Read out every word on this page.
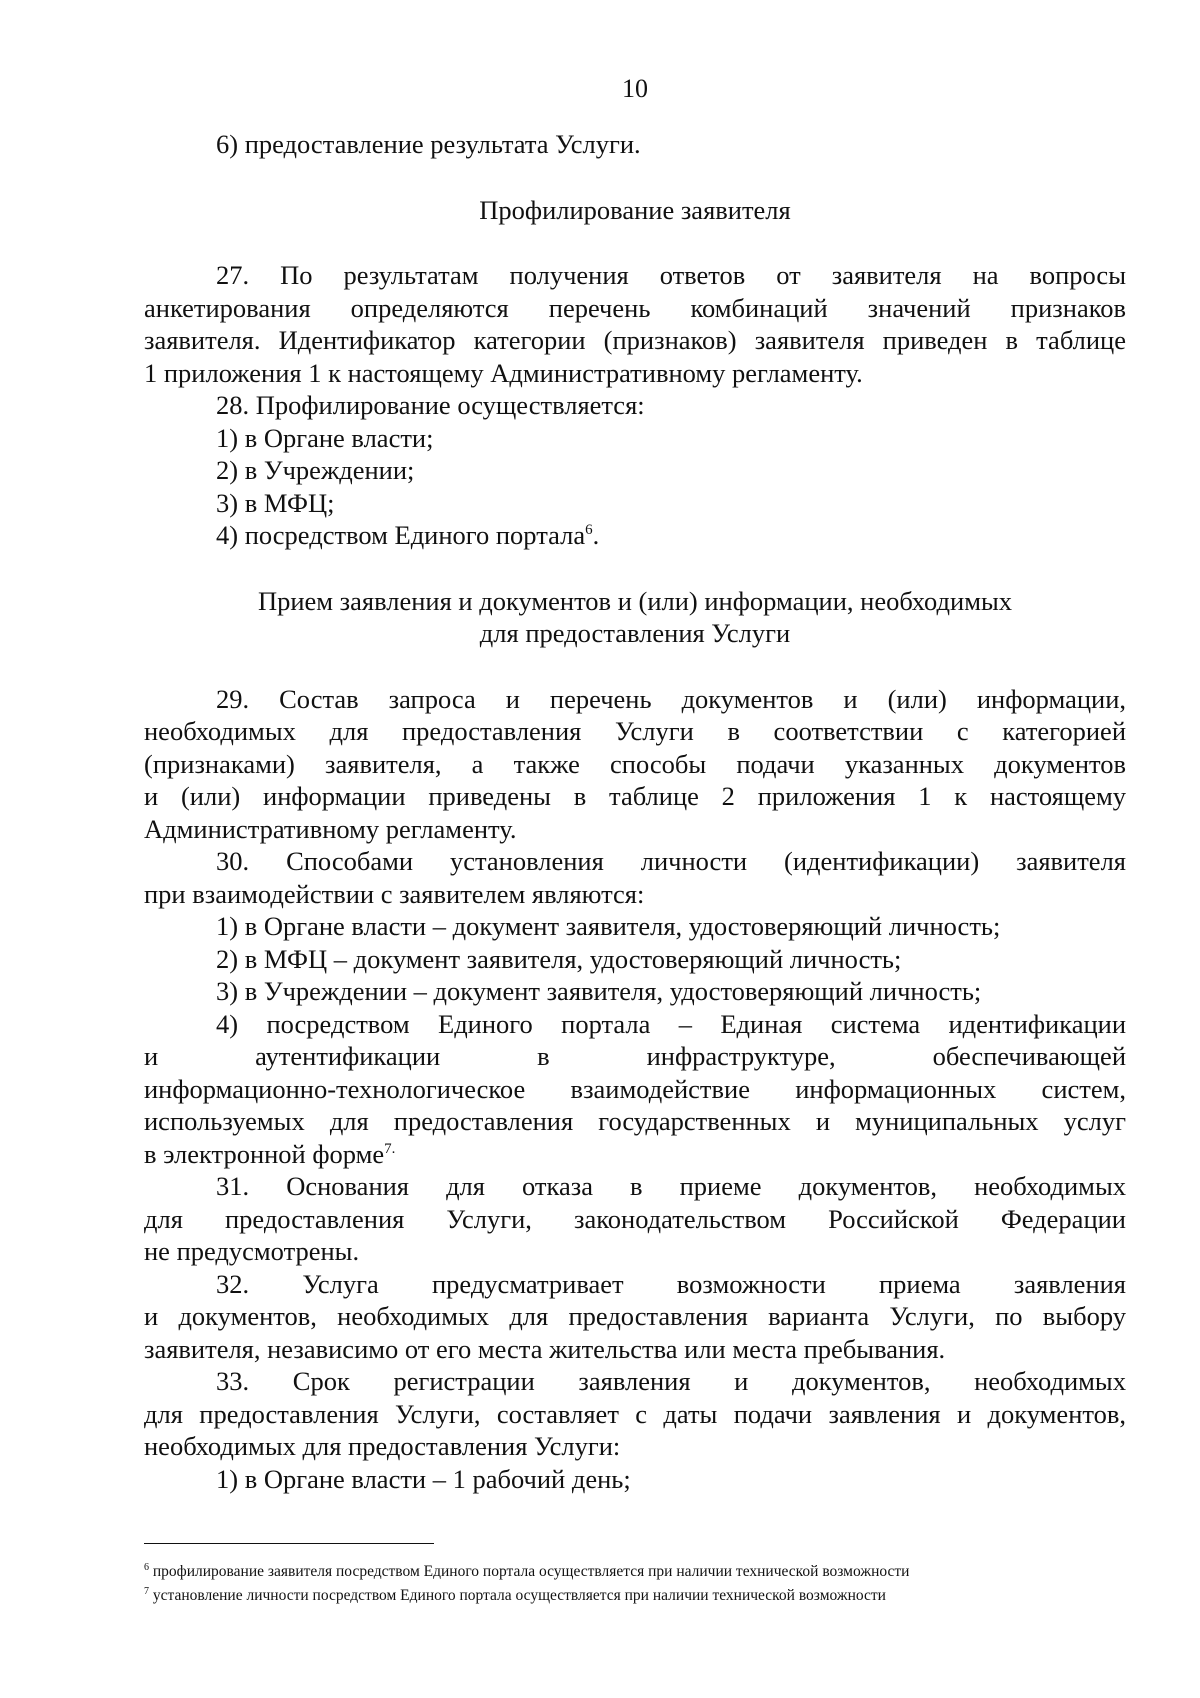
10

6) предоставление результата Услуги.

Профилирование заявителя

27. По результатам получения ответов от заявителя на вопросы

анкетирования определяются перечень комбинаций значений признаков

заявителя. Идентификатор категории (признаков) заявителя приведен в таблице

1 приложения 1 к настоящему Административному регламенту.

28. Профилирование осуществляется:

1) в Органе власти;

2) в Учреждении;

3) в МФЦ;

4) посредством Единого портала$^6$.

Прием заявления и документов и (или) информации, необходимых

для предоставления Услуги

29. Состав запроса и перечень документов и (или) информации,

необходимых для предоставления Услуги в соответствии с категорией

(признаками) заявителя, а также способы подачи указанных документов

и (или) информации приведены в таблице 2 приложения 1 к настоящему

Административному регламенту.

30. Способами установления личности (идентификации) заявителя

при взаимодействии с заявителем являются:

1) в Органе власти – документ заявителя, удостоверяющий личность;

2) в МФЦ – документ заявителя, удостоверяющий личность;

3) в Учреждении – документ заявителя, удостоверяющий личность;

4) посредством Единого портала – Единая система идентификации

и	аутентификации	в	инфраструктуре,	обеспечивающей

информационно-технологическое взаимодействие информационных систем,

используемых для предоставления государственных и муниципальных услуг

в электронной форме$^{7.}$

31. Основания для отказа в приеме документов, необходимых

для предоставления Услуги, законодательством Российской Федерации

не предусмотрены.

32. Услуга предусматривает возможности приема заявления

и документов, необходимых для предоставления варианта Услуги, по выбору

заявителя, независимо от его места жительства или места пребывания.

33. Срок регистрации заявления и документов, необходимых

для предоставления Услуги, составляет с даты подачи заявления и документов,

необходимых для предоставления Услуги:

1) в Органе власти – 1 рабочий день;

$^6$ профилирование заявителя посредством Единого портала осуществляется при наличии технической возможности

$^7$ установление личности посредством Единого портала осуществляется при наличии технической возможности
